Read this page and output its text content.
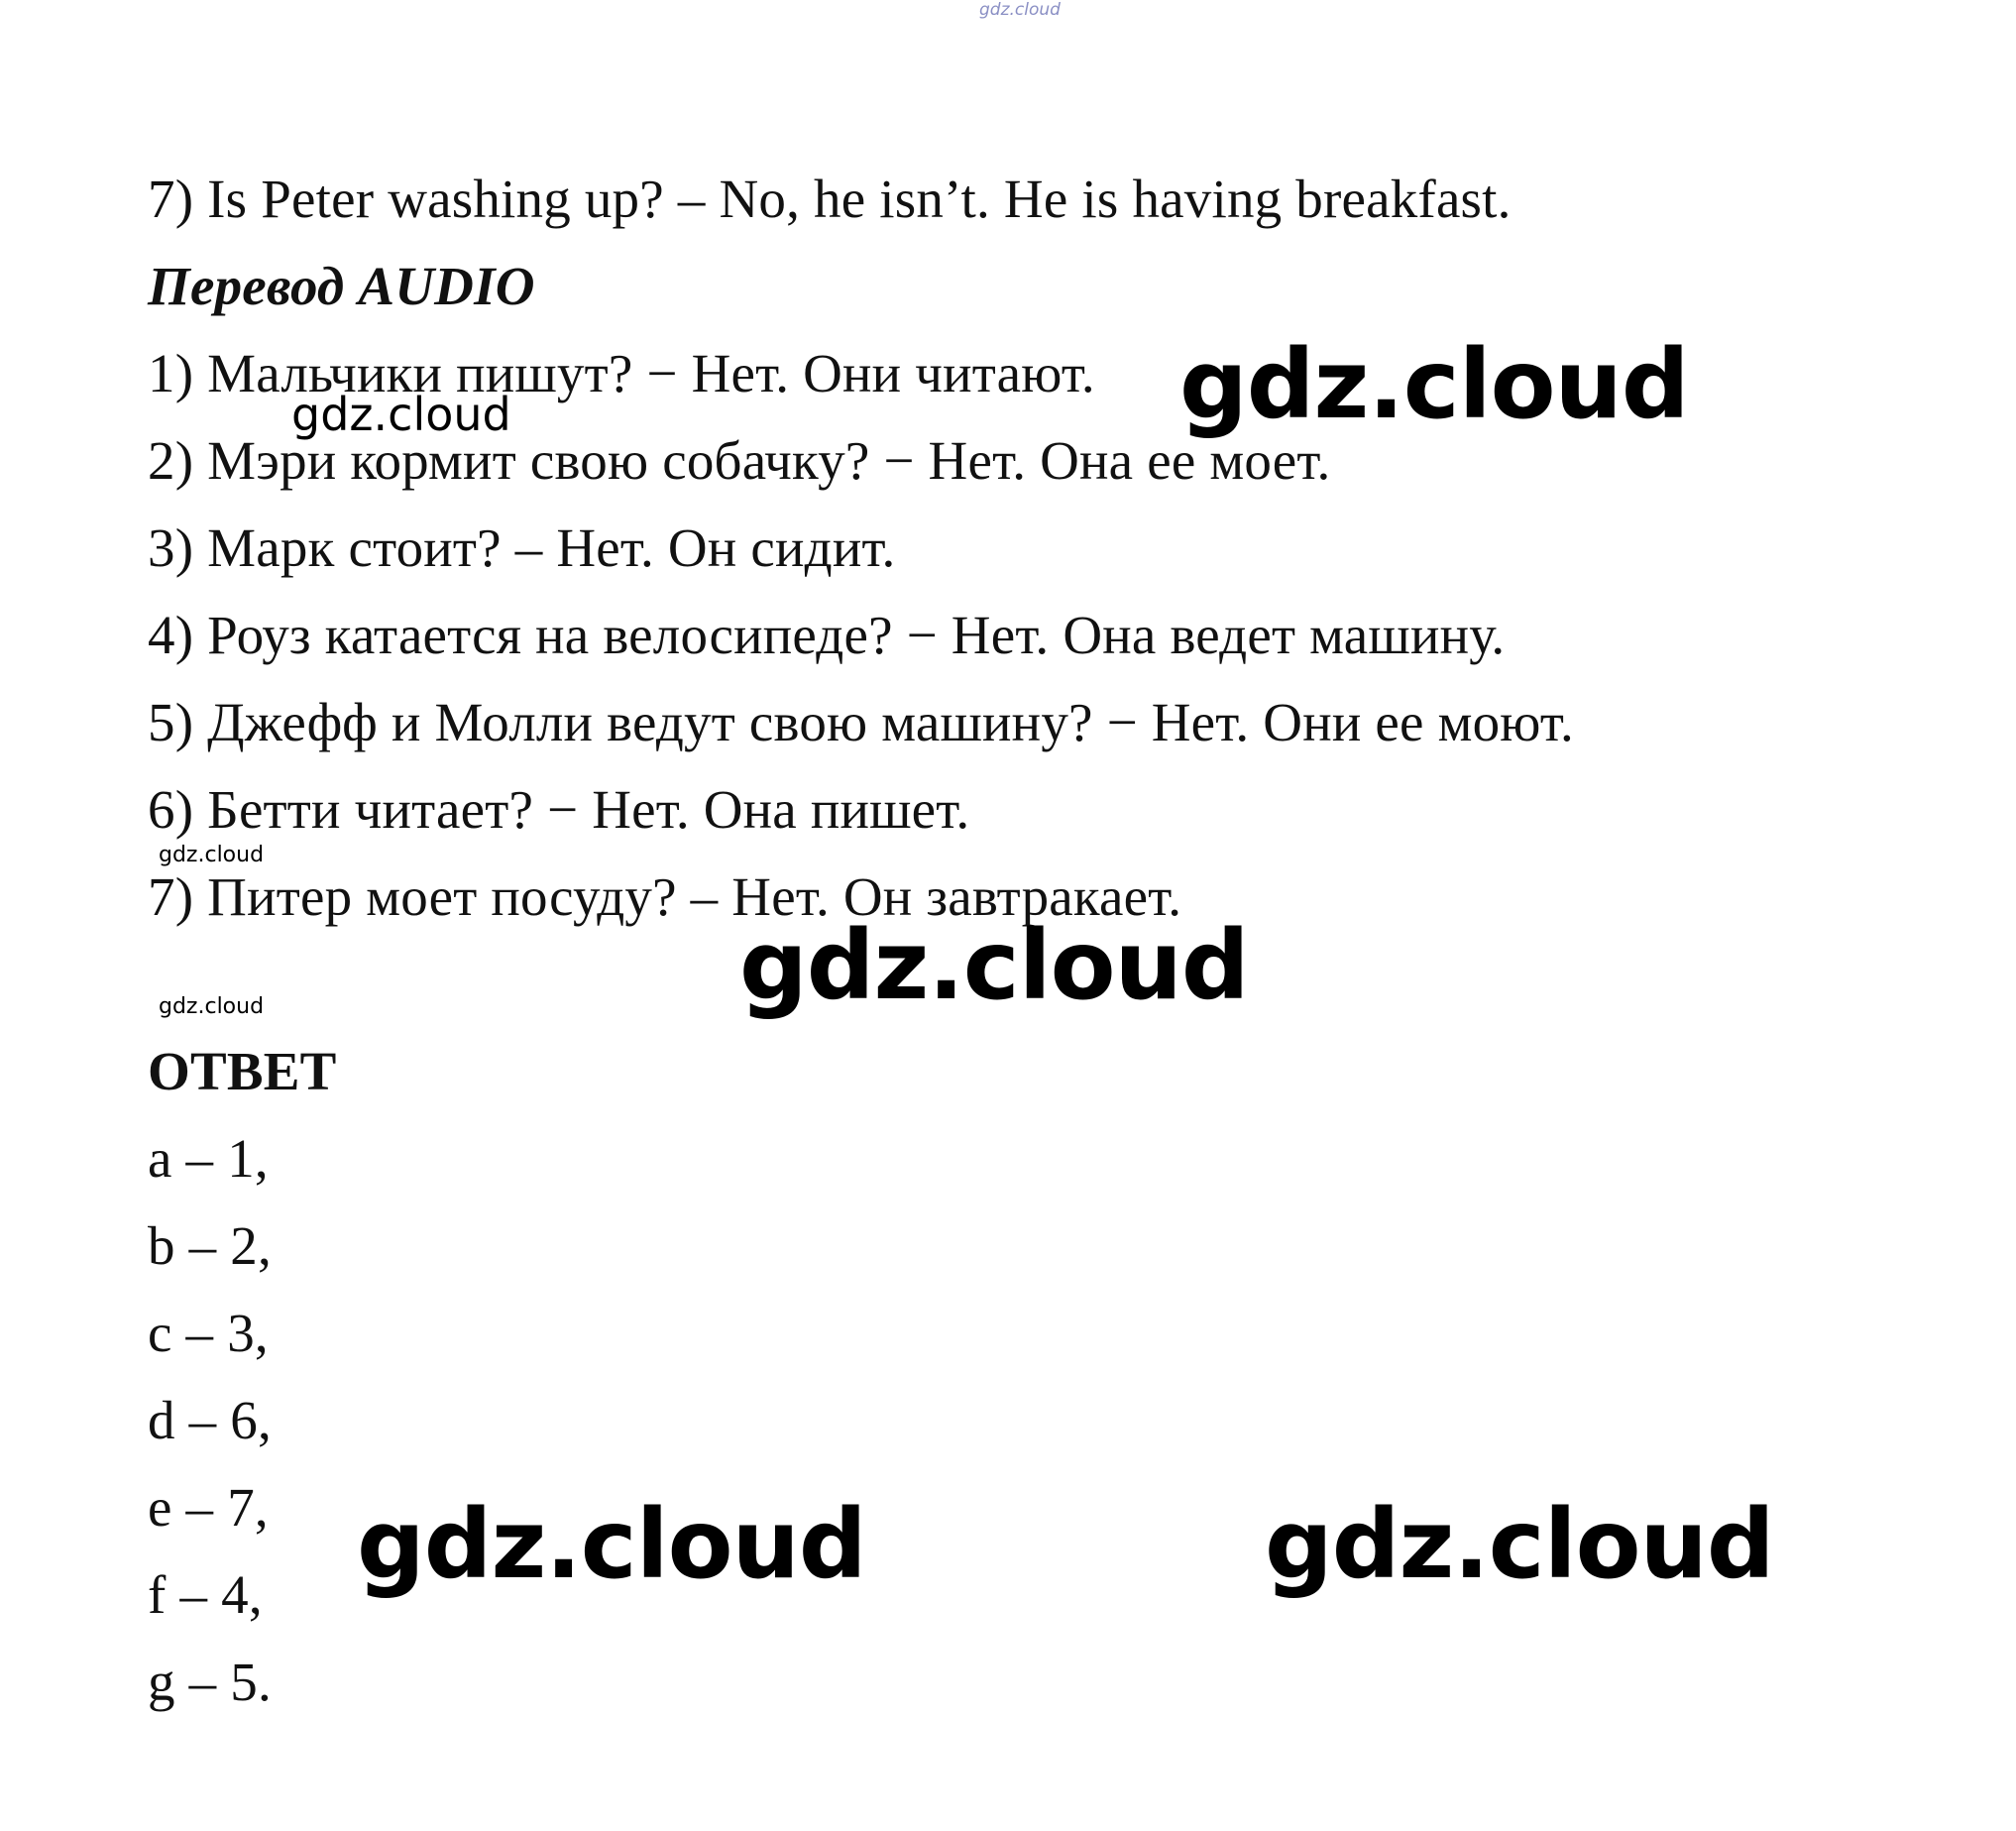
gdz.cloud
7) Is Peter washing up? – No, he isn’t. He is having breakfast.
Перевод AUDIO
1) Мальчики пишут? − Нет. Они читают.
2) Мэри кормит свою собачку? − Нет. Она ее моет.
3) Марк стоит? – Нет. Он сидит.
4) Роуз катается на велосипеде? − Нет. Она ведет машину.
5) Джефф и Молли ведут свою машину? − Нет. Они ее моют.
6) Бетти читает? − Нет. Она пишет.
7) Питер моет посуду? – Нет. Он завтракает.
ОТВЕТ
a – 1,
b – 2,
c – 3,
d – 6,
e – 7,
f – 4,
g – 5.
gdz.cloud
gdz.cloud
gdz.cloud
gdz.cloud
gdz.cloud
gdz.cloud	gdz.cloud
